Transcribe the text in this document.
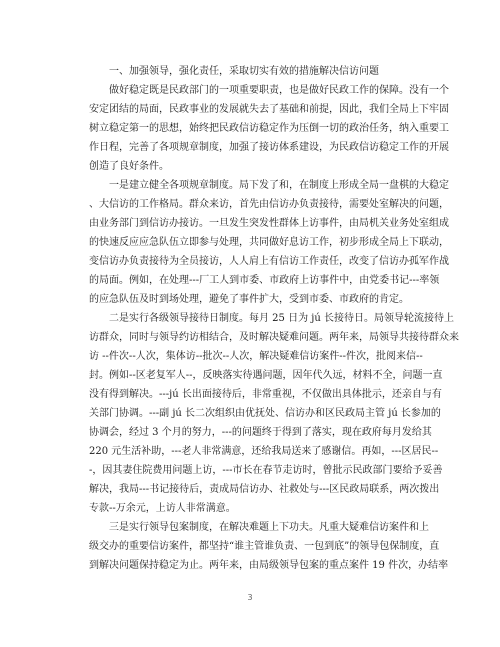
一、加强领导，强化责任，采取切实有效的措施解决信访问题

做好稳定既是民政部门的一项重要职责，也是做好民政工作的保障。没有一个
安定团结的局面，民政事业的发展就失去了基础和前提，因此，我们全局上下牢固
树立稳定第一的思想，始终把民政信访稳定作为压倒一切的政治任务，纳入重要工
作日程，完善了各项规章制度，加强了接访体系建设，为民政信访稳定工作的开展
创造了良好条件。
一是建立健全各项规章制度。局下发了和，在制度上形成全局一盘棋的大稳定
、大信访的工作格局。群众来访，首先由信访办负责接待，需要处室解决的问题，
由业务部门到信访办接访。一旦发生突发性群体上访事件，由局机关业务处室组成
的快速反应应急队伍立即参与处理，共同做好息访工作，初步形成全局上下联动，
变信访办负责接待为全员接访，人人肩上有信访工作责任，改变了信访办孤军作战
的局面。例如，在处理---厂工人到市委、市政府上访事件中，由党委书记---率领
的应急队伍及时到场处理，避免了事件扩大，受到市委、市政府的肯定。
二是实行各级领导接待日制度。每月 25 日为 jú 长接待日。局领导轮流接待上
访群众，同时与领导约访相结合，及时解决疑难问题。两年来，局领导共接待群众来
访 --件次--人次，集体访--批次--人次，解决疑难信访案件--件次，批阅来信--
封。例如--区老复军人--，反映落实待遇问题，因年代久远，材料不全，问题一直
没有得到解决。---jú 长出面接待后，非常重视，不仅做出具体批示，还亲自与有
关部门协调。---副 jú 长二次组织由优抚处、信访办和区民政局主管 jú 长参加的
协调会，经过 3 个月的努力，---的问题终于得到了落实，现在政府每月发给其
220 元生活补助，---老人非常满意，还给我局送来了感谢信。再如，---区居民--
-，因其妻住院费用问题上访，---市长在春节走访时，曾批示民政部门要给予妥善
解决，我局---书记接待后，责成局信访办、社救处与---区民政局联系，两次拨出
专款--万余元，上访人非常满意。
三是实行领导包案制度，在解决难题上下功夫。凡重大疑难信访案件和上
级交办的重要信访案件，都坚持“谁主管谁负责、一包到底”的领导包保制度，直
到解决问题保持稳定为止。两年来，由局级领导包案的重点案件 19 件次，办结率
3
